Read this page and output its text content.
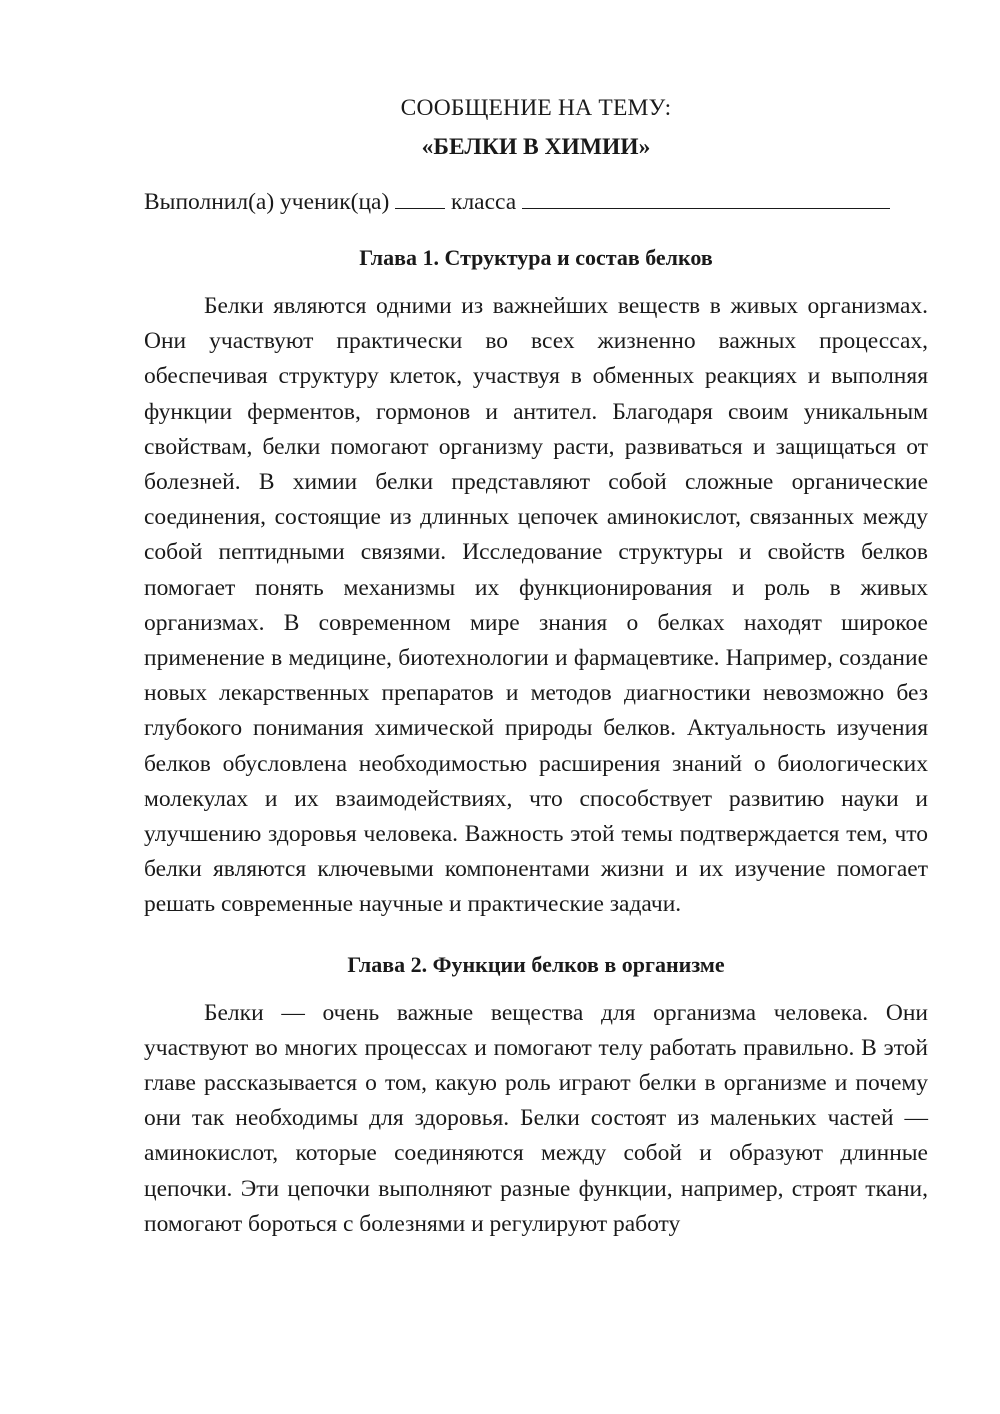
СООБЩЕНИЕ НА ТЕМУ:

«БЕЛКИ В ХИМИИ»

Выполнил(а) ученик(ца)	класса
Глава 1. Структура и состав белков

Белки являются одними из важнейших веществ в живых организмах. Они участвуют практически во всех жизненно важных процессах, обеспечивая структуру клеток, участвуя в обменных реакциях и выполняя функции ферментов, гормонов и антител. Благодаря своим уникальным свойствам, белки помогают организму расти, развиваться и защищаться от болезней. В химии белки представляют собой сложные органические соединения, состоящие из длинных цепочек аминокислот, связанных между собой пептидными связями. Исследование структуры и свойств белков помогает понять механизмы их функционирования и роль в живых организмах. В современном мире знания о белках находят широкое применение в медицине, биотехнологии и фармацевтике. Например, создание новых лекарственных препаратов и методов диагностики невозможно без глубокого понимания химической природы белков. Актуальность изучения белков обусловлена необходимостью расширения знаний о биологических молекулах и их взаимодействиях, что способствует развитию науки и улучшению здоровья человека. Важность этой темы подтверждается тем, что белки являются ключевыми компонентами жизни и их изучение помогает решать современные научные и практические задачи.

Глава 2. Функции белков в организме

Белки — очень важные вещества для организма человека. Они участвуют во многих процессах и помогают телу работать правильно. В этой главе рассказывается о том, какую роль играют белки в организме и почему они так необходимы для здоровья. Белки состоят из маленьких частей — аминокислот, которые соединяются между собой и образуют длинные цепочки. Эти цепочки выполняют разные функции, например, строят ткани, помогают бороться с болезнями и регулируют работу
